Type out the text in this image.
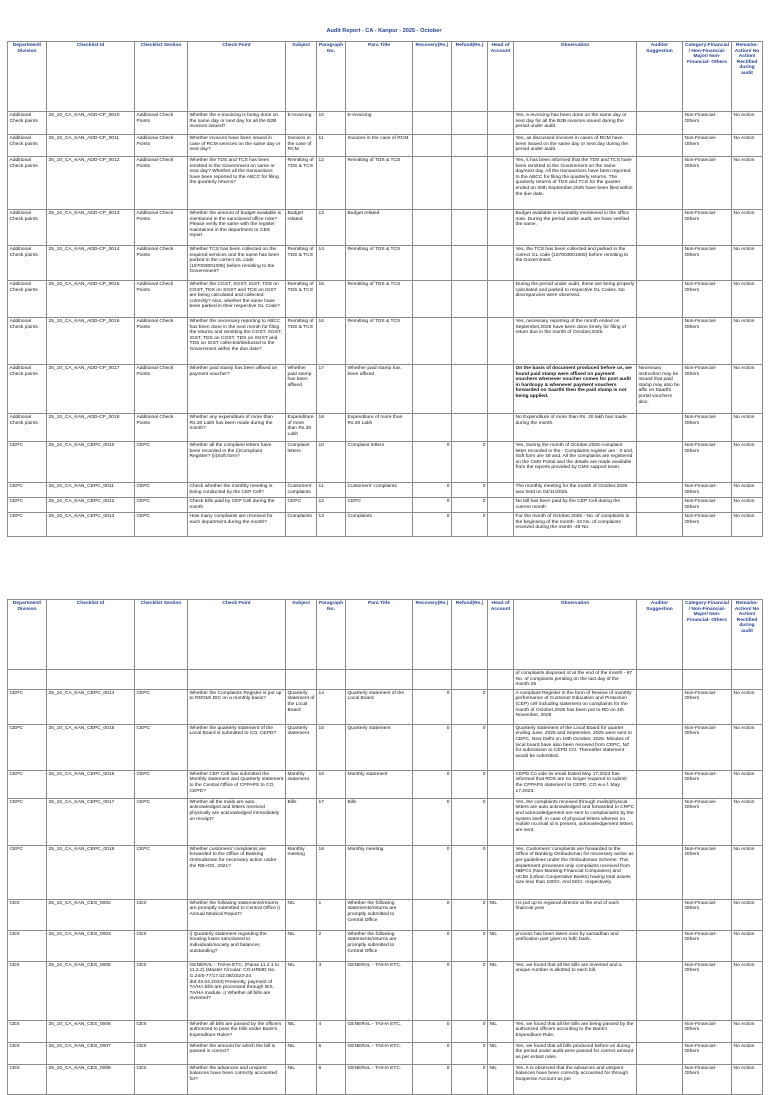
Audit Report - CA - Kanpur - 2025 - October
Department/ Division	Checklist Id	Checklist Section	Check Point	Subject	Paragraph No.	Para Title	Recovery(Rs.)	Refund(Rs.)	Head of Account	Observation	Auditor Suggestion	Category:Financial/ Non-Financial- Major/ Non-Financial- Others	Remarks- Action/ No Action/ Rectified during audit
Additional Check points	25_10_CA_KAN_ADD-CP_0010	Additional Check Points	Whether the e-invoicing is being done on the same day or next day for all the B2B invoices issued?	E-invoicing	10	E-invoicing				Yes, e-invoicing has been done on the same day or next day for all the B2B invoices issued during the period under audit.		Non-Financial-Others	No Action
Additional Check points	25_10_CA_KAN_ADD-CP_0011	Additional Check Points	Whether invoices have been issued in case of RCM services on the same day or next day?	Invoices in the case of RCM	11	Invoices in the case of RCM				Yes, as discussed invoices in cases of RCM have been issued on the same day or next day during the period under audit.		Non-Financial-Others	No Action
Additional Check points	25_10_CA_KAN_ADD-CP_0012	Additional Check Points	Whether the TDS and TCS has been remitted to the Government on same or next day? Whether all the transactions have been reported to the ABCC for filing the quarterly returns?	Remitting of TDS & TCS	12	Remitting of TDS & TCS				Yes, it has been informed that the TDS and TCS have been remitted to the Government on the same day/next day. All the transactions have been reported to the ABCC for filing the quarterly returns. The quarterly returns of TDS and TCS for the quarter ended on 30th September,2025 have been filed within the due date.		Non-Financial-Others	No Action
Additional Check points	25_10_CA_KAN_ADD-CP_0013	Additional Check Points	Whether the amount of budget available is mentioned in the sanctioned office note? Please verify the same with the register maintained in the department or CBS report	Budget related	13	Budget related				Budget available is invariably mentioned in the office note. During the period under audit, we have verified the same.		Non-Financial-Others	No Action
Additional Check points	25_10_CA_KAN_ADD-CP_0014	Additional Check Points	Whether TCS has been collected on the required services and the same has been parked in the correct GL code (167003001005) before remitting to the Government?	Remitting of TDS & TCS	14	Remitting of TDS & TCS				Yes, the TCS has been collected and parked in the correct GL code (167003001005) before remitting to the Government.		Non-Financial-Others	No Action
Additional Check points	25_10_CA_KAN_ADD-CP_0015	Additional Check Points	Whether the CGST, SGST, IGST, TDS on CGST, TDS on SGST and TDS on IGST are being calculated and collected correctly? Also, whether the same have been parked in their respective GL Code?	Remitting of TDS & TCS	15	Remitting of TDS & TCS				During the period under audit, these are being properly calculated and parked to respective GL Codes. No discrepancies were observed.		Non-Financial-Others	No Action
Additional Check points	25_10_CA_KAN_ADD-CP_0016	Additional Check Points	Whether the necessary reporting to ABCC has been done in the next month for filing the returns and remitting the CGST, SGST, IGST, TDS on CGST, TDS on SGST and TDS on IGST collected/deducted to the Government within the due date?	Remitting of TDS & TCS	16	Remitting of TDS & TCS				Yes, necessary reporting of the month ended on September,2025 have been done timely for filing of return due in the month of October,2025.		Non-Financial-Others	No Action
Additional Check points	25_10_CA_KAN_ADD-CP_0017	Additional Check Points	Whether paid stamp has been affixed on payment voucher?	Whether paid stamp has been affixed	17	Whether paid stamp has been affixed				On the basis of document produced before us, we found paid stamp were affixed on payment vouchers whenever voucher comes for post audit in hardcopy & whenever payment vouchers forwarded on Saarthi then the paid stamp is not being applied.	Necessary instruction may be issued that paid stamp may also be affix on Saarthi portal vouchers also.	Non-Financial-Others	No Action
Additional Check points	25_10_CA_KAN_ADD-CP_0018	Additional Check Points	Whether any expenditure of more than Rs.20 Lakh has been made during the month?	Expenditure of more than Rs.20 Lakh	18	Expenditure of more than Rs.20 Lakh				No Expenditure of more than Rs. 20 lakh has made during the month.		Non-Financial-Others	No Action
CEPC	25_10_CA_KAN_CEPC_0010	CEPC	Whether all the complaint letters have been recorded in the (i)Complaint Register? (ii)Soft form?	Complaint letters	10	Complaint letters	0	0		Yes, During the month of October,2025-complaint letter recorded in the - Complaints register are - 0 and, Soft form are 49 and. All the complaints are registered on the CMS Portal and the details are made available from the reports provided by CMS support team.		Non-Financial-Others	No Action
CEPC	25_10_CA_KAN_CEPC_0011	CEPC	Check whether the monthly meeting is being conducted by the CEP Cell?	Customers' complaints	11	Customers' complaints	0	0		The monthly meeting for the month of October,2025 was held on 04/11/2025.		Non-Financial-Others	No Action
CEPC	25_10_CA_KAN_CEPC_0012	CEPC	Check bills paid by CEP Cell during the month	CEPC	12	CEPC	0	0		No bill has been paid by the CEP Cell during the current month		Non-Financial-Others	No Action
CEPC	25_10_CA_KAN_CEPC_0013	CEPC	How many complaints are received for each department during the month?	Complaints	13	Complaints	0	0		For the month of October,2025 - No. of complaints in the beginning of the month- 43 No. of complaints received during the month -49 No.		Non-Financial-Others	No Action
Department/ Division	Checklist Id	Checklist Section	Check Point	Subject	Paragraph No.	Para Title	Recovery(Rs.)	Refund(Rs.)	Head of Account	Observation	Auditor Suggestion	Category:Financial/ Non-Financial- Major/ Non-Financial- Others	Remarks- Action/ No Action/ Rectified during audit
										of complaints disposed of at the end of the month - 67 No. of complaints pending on the last day of the month-25			
CEPC	25_10_CA_KAN_CEPC_0014	CEPC	Whether the Complaints Register is put up to RDGM/ DIC on a monthly basis?	Quarterly statement of the Local Board	14	Quarterly statement of the Local Board	0	0		A complaint Register in the form of Review of monthly performance of Customer Education and Protection (CEP) cell including statement on complaints for the month of October,2025 has been put to RD on 4th November, 2025		Non-Financial-Others	No Action
CEPC	25_10_CA_KAN_CEPC_0015	CEPC	Whether the quarterly statement of the Local Board is submitted to CO, CEPD?	Quarterly statement	15	Quarterly statement	0	0		Quarterly statement of the Local Board for quarter ending June, 2025 and September, 2025 were sent to CEPC, New Delhi on 10th October, 2025. Minutes of local board have also been received from CEPC, NZ for submission to CEPD CO. Thereafter statement would be submitted.		Non-Financial-Others	No Action
CEPC	25_10_CA_KAN_CEPC_0016	CEPC	Whether CEP Cell has submitted the Monthly statement and Quarterly statement to the Central Office of CPPAPS to CO, CEPD?	Monthly statement	16	Monthly statement	0	0		CEPD Co vide its email Dated May 17,2023 has informed that ROS are no longer required to submit the CPPAPS statement to CEPD, CO w.e.f. May 17,2023.		Non-Financial-Others	No Action
CEPC	25_10_CA_KAN_CEPC_0017	CEPC	Whether all the mails are auto acknowledged and letters received physically are acknowledged immediately on receipt?	Bills	17	Bills	0	0		Yes, the complaints received through mails/physical letters are auto acknowledged and forwarded to CRPC and acknowledgement are sent to complainants by the system itself, in case of physical letters wherein no mobile no./mail id is present, acknowledgement letters are sent.		Non-Financial-Others	No Action
CEPC	25_10_CA_KAN_CEPC_0018	CEPC	Whether customers' complaints are forwarded to the Office of Banking Ombudsman for necessary action under the RB-IOS, 2021?	Monthly meeting	18	Monthly meeting	0	0		Yes, Customers' complaints are forwarded to the Office of Banking Ombudsman for necessary action as per guidelines under the Ombudsman Scheme. This department processes only complaints received from NBFCs (Non-Banking Financial Companies) and UCBs (Urban Cooperative Banks) having total assets size less than 100Cr. And 50Cr. respectively.		Non-Financial-Others	No Action
CES	25_10_CA_KAN_CES_0002	CES	Whether the following statements/returns are promptly submitted to Central Office i) Annual Medical Report?	NIL	1	Whether the following statements/returns are promptly submitted to Central Office	0	0	NIL	t is put up to regional director at the end of each financial year		Non-Financial-Others	No Action
CES	25_10_CA_KAN_CES_0003	CES	i) Quarterly statement regarding the housing loans sanctioned to Individuals/society and balances outstanding?	NIL	2	Whether the following statements/returns are promptly submitted to Central Office	0	0	NIL	process has been taken over by samadhan and verification part given to hdfc bank.		Non-Financial-Others	No Action
CES	25_10_CA_KAN_CES_0005	CES	GENERAL - TA/HA ETC. (Paras 11.2.1 to 11.2.2) (Master Circular: CO.HRMD No. G.24/5-77/17.02.08/2023-24 dtd.03.04.2023) Presently, payment of TA/HA bills are processed through IES, TA/HA module. i) Whether all bills are invented?	NIL	3	GENERAL - TA/HA ETC.	0	0	NIL	Yes, we found that all the bills are invented and a unique number is allotted to each bill.		Non-Financial-Others	No Action
CES	25_10_CA_KAN_CES_0006	CES	Whether all bills are passed by the officers authorized to pass the bills under Bank's Expenditure Rules?	NIL	4	GENERAL - TA/HA ETC.	0	0	NIL	Yes, we found that all the bills are being passed by the authorized officers according to the Bank's Expenditure Rule.		Non-Financial-Others	No Action
CES	25_10_CA_KAN_CES_0007	CES	Whether the amount for which the bill is passed is correct?	NIL	5	GENERAL - TA/HA ETC.	0	0	NIL	Yes, we found that all bills produced before us during the period under audit were passed for correct amount as per extant rules.		Non-Financial-Others	No Action
CES	25_10_CA_KAN_CES_0008	CES	Whether the advances and unspent balances have been correctly accounted for?	NIL	6	GENERAL - TA/HA ETC.	0	0	NIL	Yes, it is observed that the advances and unspent balances have been correctly accounted for through Suspense Account as per		Non-Financial-Others	No Action
